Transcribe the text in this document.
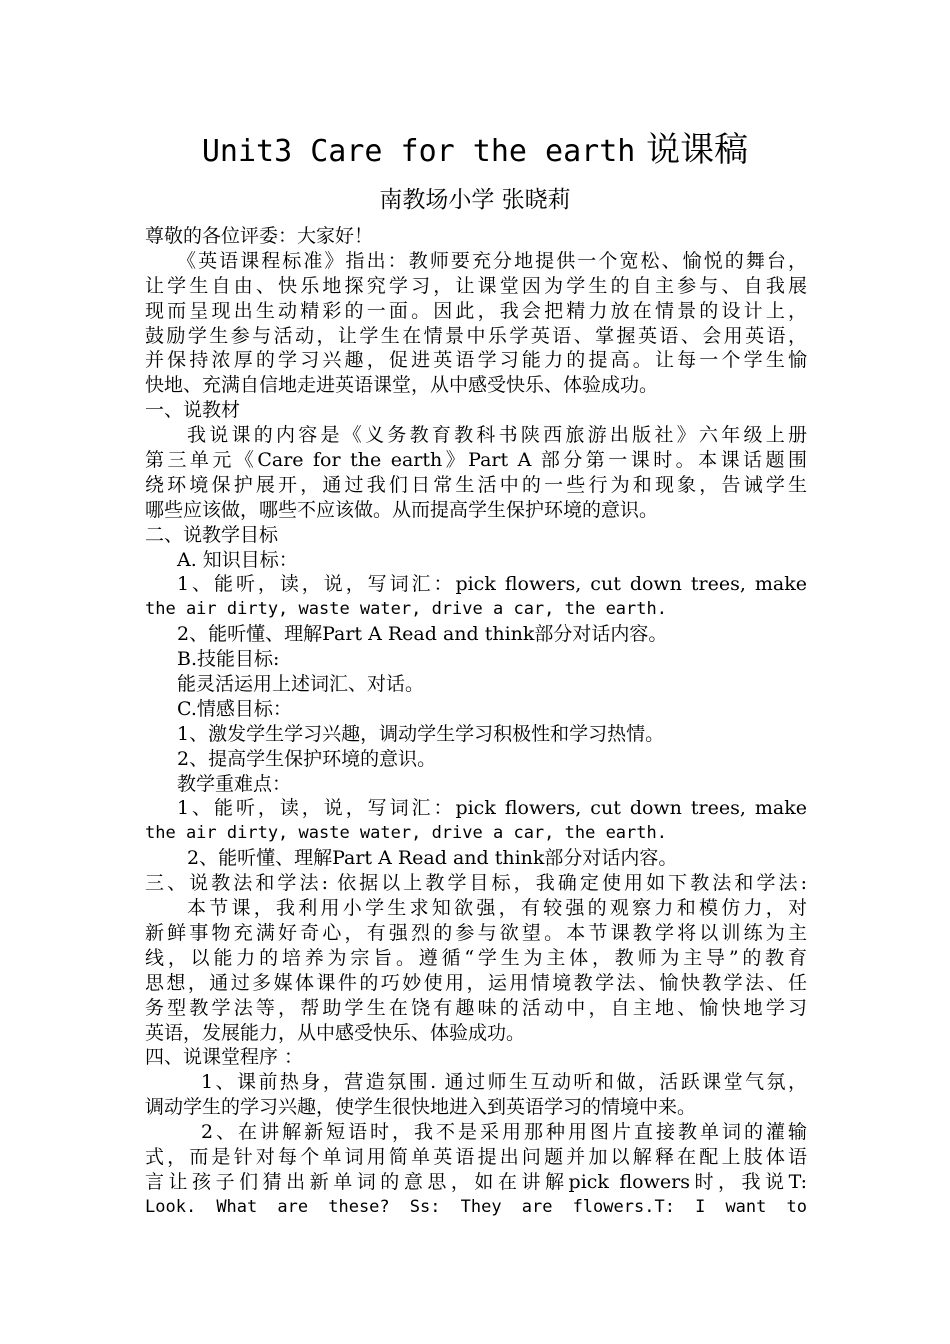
Unit3 Care for the earth 说课稿
南教场小学 张晓莉
尊敬的各位评委：大家好！
《英语课程标准》指出：教师要充分地提供一个宽松、愉悦的舞台，
让学生自由、快乐地探究学习，让课堂因为学生的自主参与、自我展
现而呈现出生动精彩的一面。因此，我会把精力放在情景的设计上，
鼓励学生参与活动，让学生在情景中乐学英语、掌握英语、会用英语，
并保持浓厚的学习兴趣，促进英语学习能力的提高。让每一个学生愉
快地、充满自信地走进英语课堂，从中感受快乐、体验成功。
一、说教材
我说课的内容是《义务教育教科书陕西旅游出版社》六年级上册
第三单元《Care for the earth》Part A 部分第一课时。本课话题围
绕环境保护展开，通过我们日常生活中的一些行为和现象，告诫学生
哪些应该做，哪些不应该做。从而提高学生保护环境的意识。
二、说教学目标
A. 知识目标：
1、能听，读，说，写词汇：pick flowers, cut down trees, make
the air dirty, waste water, drive a car, the earth.
2、能听懂、理解Part A Read and think部分对话内容。
B.技能目标:
能灵活运用上述词汇、对话。
C.情感目标：
1、激发学生学习兴趣，调动学生学习积极性和学习热情。
2、提高学生保护环境的意识。
教学重难点：
1、能听，读，说，写词汇：pick flowers, cut down trees, make
the air dirty, waste water, drive a car, the earth.
2、能听懂、理解Part A Read and think部分对话内容。
三、说教法和学法: 依据以上教学目标，我确定使用如下教法和学法:
本节课，我利用小学生求知欲强，有较强的观察力和模仿力，对
新鲜事物充满好奇心，有强烈的参与欲望。本节课教学将以训练为主
线，以能力的培养为宗旨。遵循“学生为主体，教师为主导”的教育
思想，通过多媒体课件的巧妙使用，运用情境教学法、愉快教学法、任
务型教学法等，帮助学生在饶有趣味的活动中，自主地、愉快地学习
英语，发展能力，从中感受快乐、体验成功。
四、说课堂程序 ：
1、课前热身，营造氛围. 通过师生互动听和做，活跃课堂气氛，
调动学生的学习兴趣，使学生很快地进入到英语学习的情境中来。
2、在讲解新短语时，我不是采用那种用图片直接教单词的灌输
式，而是针对每个单词用简单英语提出问题并加以解释在配上肢体语
言让孩子们猜出新单词的意思，如在讲解pick flowers时，我说T:
Look. What are these? Ss: They are flowers.T: I want to
